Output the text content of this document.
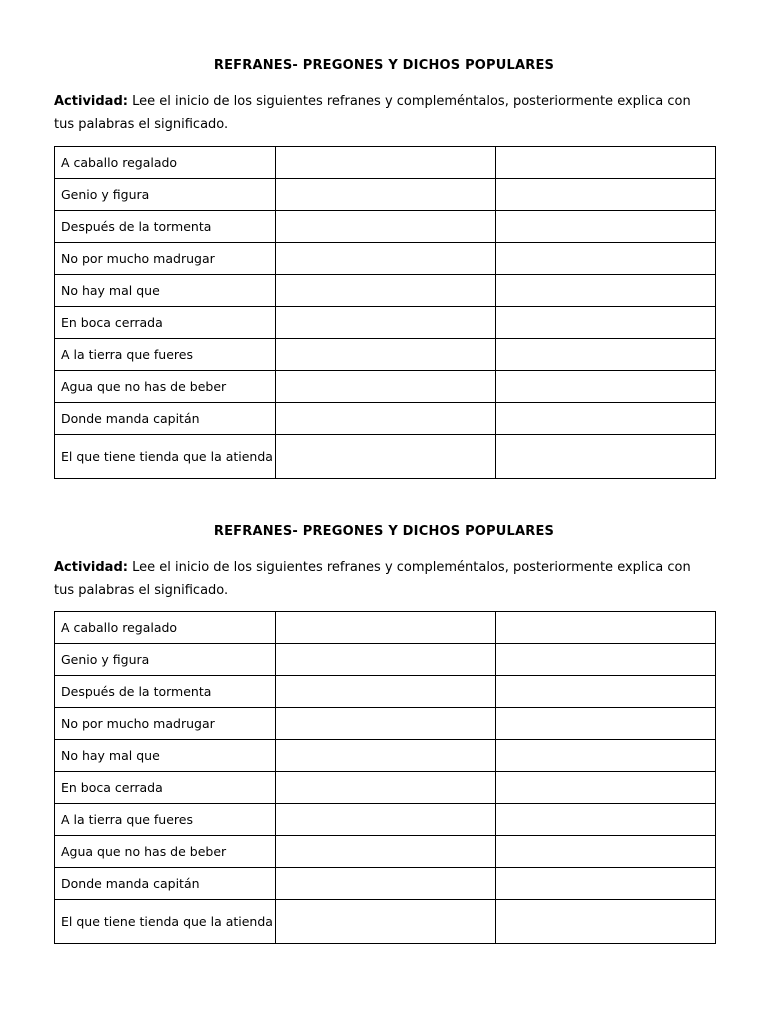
REFRANES- PREGONES Y DICHOS POPULARES

Actividad: Lee el inicio de los siguientes refranes y compleméntalos, posteriormente explica con tus palabras el significado.

A caballo regalado		
Genio y figura		
Después de la tormenta		
No por mucho madrugar		
No hay mal que		
En boca cerrada		
A la tierra que fueres		
Agua que no has de beber		
Donde manda capitán		
El que tiene tienda que la atienda		
REFRANES- PREGONES Y DICHOS POPULARES

Actividad: Lee el inicio de los siguientes refranes y compleméntalos, posteriormente explica con tus palabras el significado.

A caballo regalado		
Genio y figura		
Después de la tormenta		
No por mucho madrugar		
No hay mal que		
En boca cerrada		
A la tierra que fueres		
Agua que no has de beber		
Donde manda capitán		
El que tiene tienda que la atienda		
